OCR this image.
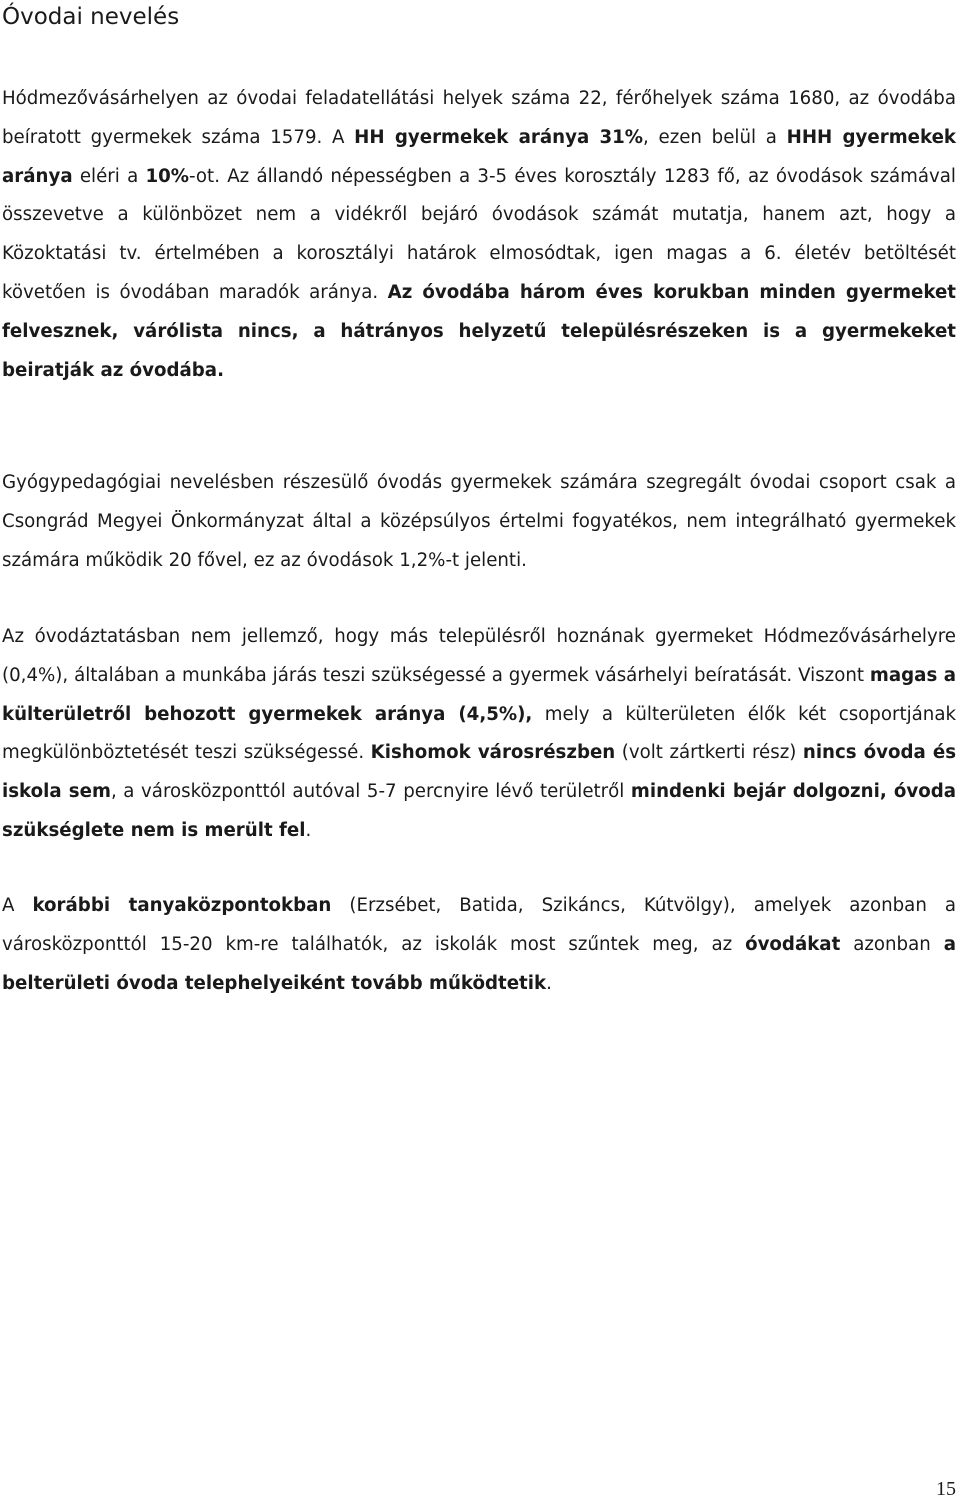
Óvodai nevelés

Hódmezővásárhelyen az óvodai feladatellátási helyek száma 22, férőhelyek száma 1680, az óvodába beíratott gyermekek száma 1579. A HH gyermekek aránya 31%, ezen belül a HHH gyermekek aránya eléri a 10%-ot. Az állandó népességben a 3-5 éves korosztály 1283 fő, az óvodások számával összevetve a különbözet nem a vidékről bejáró óvodások számát mutatja, hanem azt, hogy a Közoktatási tv. értelmében a korosztályi határok elmosódtak, igen magas a 6. életév betöltését követően is óvodában maradók aránya. Az óvodába három éves korukban minden gyermeket felvesznek, várólista nincs, a hátrányos helyzetű településrészeken is a gyermekeket beiratják az óvodába.

Gyógypedagógiai nevelésben részesülő óvodás gyermekek számára szegregált óvodai csoport csak a Csongrád Megyei Önkormányzat által a középsúlyos értelmi fogyatékos, nem integrálható gyermekek számára működik 20 fővel, ez az óvodások 1,2%-t jelenti.

Az óvodáztatásban nem jellemző, hogy más településről hoznának gyermeket Hódmezővásárhelyre (0,4%), általában a munkába járás teszi szükségessé a gyermek vásárhelyi beíratását. Viszont magas a külterületről behozott gyermekek aránya (4,5%), mely a külterületen élők két csoportjának megkülönböztetését teszi szükségessé. Kishomok városrészben (volt zártkerti rész) nincs óvoda és iskola sem, a városközponttól autóval 5-7 percnyire lévő területről mindenki bejár dolgozni, óvoda szükséglete nem is merült fel.

A korábbi tanyaközpontokban (Erzsébet, Batida, Szikáncs, Kútvölgy), amelyek azonban a városközponttól 15-20 km-re találhatók, az iskolák most szűntek meg, az óvodákat azonban a belterületi óvoda telephelyeiként tovább működtetik.

15
